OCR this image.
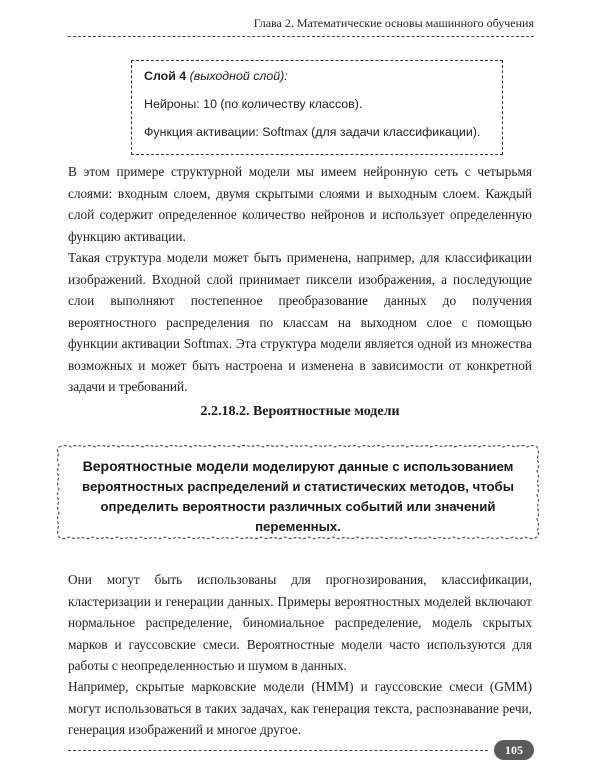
Глава 2. Математические основы машинного обучения
Слой 4 (выходной слой):
Нейроны: 10 (по количеству классов).
Функция активации: Softmax (для задачи классификации).
В этом примере структурной модели мы имеем нейронную сеть с четырьмя слоями: входным слоем, двумя скрытыми слоями и выходным слоем. Каждый слой содержит определенное количество нейронов и использует определенную функцию активации.
Такая структура модели может быть применена, например, для классификации изображений. Входной слой принимает пиксели изображения, а последующие слои выполняют постепенное преобразование данных до получения вероятностного распределения по классам на выходном слое с помощью функции активации Softmax. Эта структура модели является одной из множества возможных и может быть настроена и изменена в зависимости от конкретной задачи и требований.
2.2.18.2. Вероятностные модели
Вероятностные модели моделируют данные с использованием вероятностных распределений и статистических методов, чтобы определить вероятности различных событий или значений переменных.
Они могут быть использованы для прогнозирования, классификации, кластеризации и генерации данных. Примеры вероятностных моделей включают нормальное распределение, биномиальное распределение, модель скрытых марков и гауссовские смеси. Вероятностные модели часто используются для работы с неопределенностью и шумом в данных.
Например, скрытые марковские модели (HMM) и гауссовские смеси (GMM) могут использоваться в таких задачах, как генерация текста, распознавание речи, генерация изображений и многое другое.
105
